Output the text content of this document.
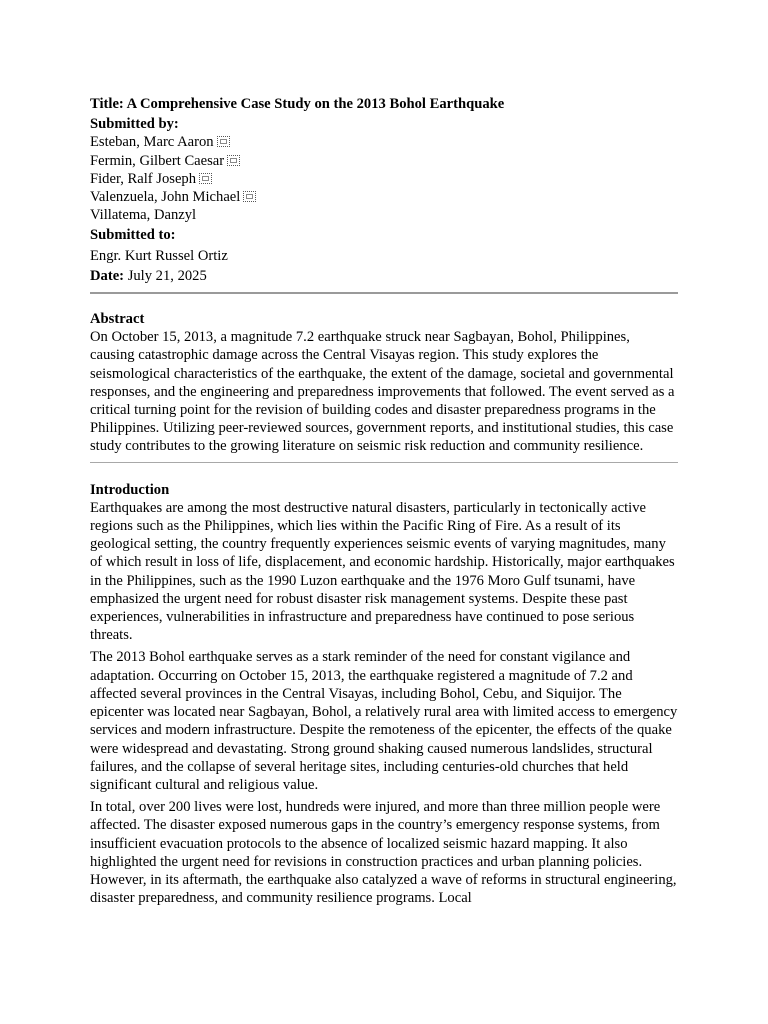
Title: A Comprehensive Case Study on the 2013 Bohol Earthquake
Submitted by:
Esteban, Marc Aaron
Fermin, Gilbert Caesar
Fider, Ralf Joseph
Valenzuela, John Michael
Villatema, Danzyl
Submitted to:
Engr. Kurt Russel Ortiz
Date: July 21, 2025
Abstract

On October 15, 2013, a magnitude 7.2 earthquake struck near Sagbayan, Bohol, Philippines, causing catastrophic damage across the Central Visayas region. This study explores the seismological characteristics of the earthquake, the extent of the damage, societal and governmental responses, and the engineering and preparedness improvements that followed. The event served as a critical turning point for the revision of building codes and disaster preparedness programs in the Philippines. Utilizing peer-reviewed sources, government reports, and institutional studies, this case study contributes to the growing literature on seismic risk reduction and community resilience.

Introduction

Earthquakes are among the most destructive natural disasters, particularly in tectonically active regions such as the Philippines, which lies within the Pacific Ring of Fire. As a result of its geological setting, the country frequently experiences seismic events of varying magnitudes, many of which result in loss of life, displacement, and economic hardship. Historically, major earthquakes in the Philippines, such as the 1990 Luzon earthquake and the 1976 Moro Gulf tsunami, have emphasized the urgent need for robust disaster risk management systems. Despite these past experiences, vulnerabilities in infrastructure and preparedness have continued to pose serious threats.

The 2013 Bohol earthquake serves as a stark reminder of the need for constant vigilance and adaptation. Occurring on October 15, 2013, the earthquake registered a magnitude of 7.2 and affected several provinces in the Central Visayas, including Bohol, Cebu, and Siquijor. The epicenter was located near Sagbayan, Bohol, a relatively rural area with limited access to emergency services and modern infrastructure. Despite the remoteness of the epicenter, the effects of the quake were widespread and devastating. Strong ground shaking caused numerous landslides, structural failures, and the collapse of several heritage sites, including centuries-old churches that held significant cultural and religious value.

In total, over 200 lives were lost, hundreds were injured, and more than three million people were affected. The disaster exposed numerous gaps in the country’s emergency response systems, from insufficient evacuation protocols to the absence of localized seismic hazard mapping. It also highlighted the urgent need for revisions in construction practices and urban planning policies. However, in its aftermath, the earthquake also catalyzed a wave of reforms in structural engineering, disaster preparedness, and community resilience programs. Local
